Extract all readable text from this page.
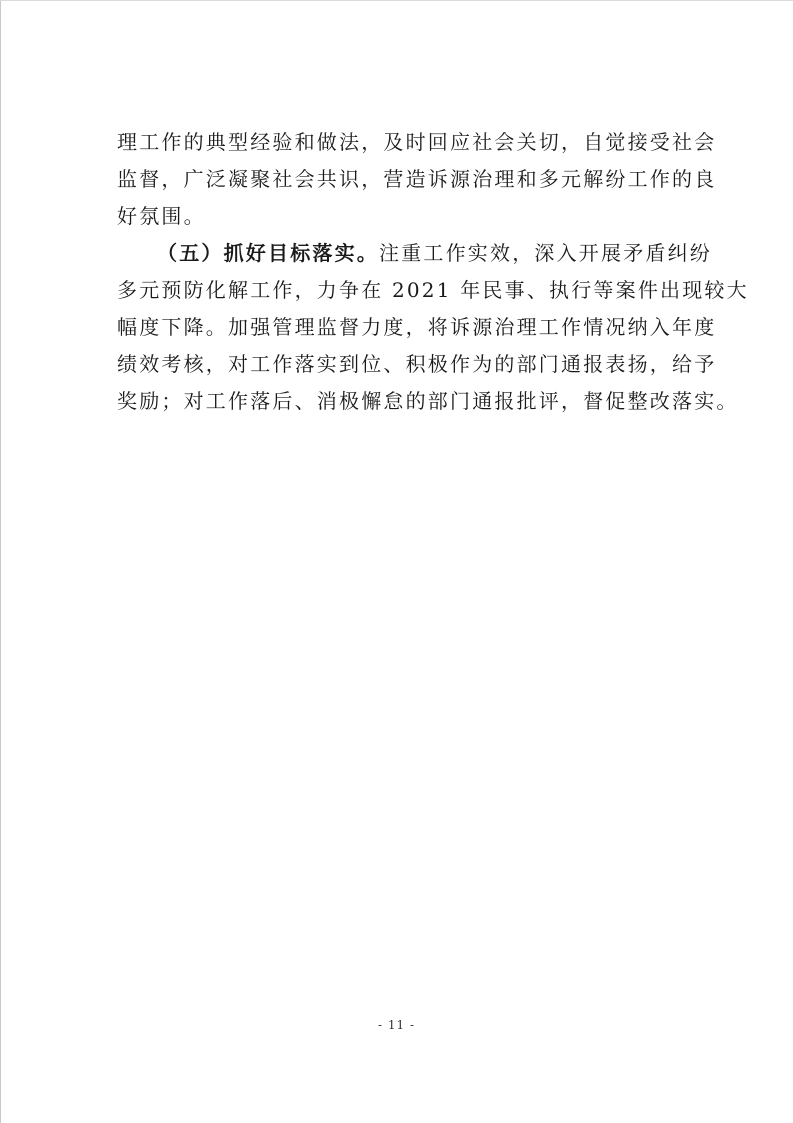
理工作的典型经验和做法，及时回应社会关切，自觉接受社会
监督，广泛凝聚社会共识，营造诉源治理和多元解纷工作的良
好氛围。
（五）抓好目标落实。注重工作实效，深入开展矛盾纠纷
多元预防化解工作，力争在 2021 年民事、执行等案件出现较大
幅度下降。加强管理监督力度，将诉源治理工作情况纳入年度
绩效考核，对工作落实到位、积极作为的部门通报表扬，给予
奖励；对工作落后、消极懈怠的部门通报批评，督促整改落实。
- 11 -
